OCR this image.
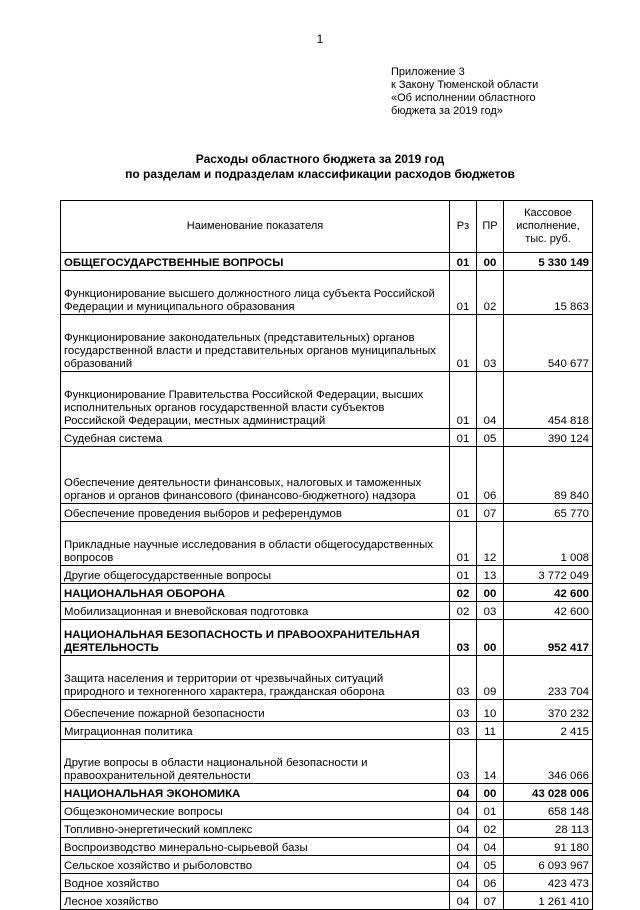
1
Приложение 3
к Закону Тюменской области
«Об исполнении областного
бюджета за 2019 год»
Расходы областного бюджета за 2019 год
по разделам и подразделам классификации расходов бюджетов
Наименование показателя	Рз	ПР	Кассовое исполнение, тыс. руб.
ОБЩЕГОСУДАРСТВЕННЫЕ ВОПРОСЫ	01	00	5 330 149
Функционирование высшего должностного лица субъекта Российской Федерации и муниципального образования	01	02	15 863
Функционирование законодательных (представительных) органов государственной власти и представительных органов муниципальных образований	01	03	540 677
Функционирование Правительства Российской Федерации, высших исполнительных органов государственной власти субъектов Российской Федерации, местных администраций	01	04	454 818
Судебная система	01	05	390 124
Обеспечение деятельности финансовых, налоговых и таможенных органов и органов финансового (финансово-бюджетного) надзора	01	06	89 840
Обеспечение проведения выборов и референдумов	01	07	65 770
Прикладные научные исследования в области общегосударственных вопросов	01	12	1 008
Другие общегосударственные вопросы	01	13	3 772 049
НАЦИОНАЛЬНАЯ ОБОРОНА	02	00	42 600
Мобилизационная и вневойсковая подготовка	02	03	42 600
НАЦИОНАЛЬНАЯ БЕЗОПАСНОСТЬ И ПРАВООХРАНИТЕЛЬНАЯ ДЕЯТЕЛЬНОСТЬ	03	00	952 417
Защита населения и территории от чрезвычайных ситуаций природного и техногенного характера, гражданская оборона	03	09	233 704
Обеспечение пожарной безопасности	03	10	370 232
Миграционная политика	03	11	2 415
Другие вопросы в области национальной безопасности и правоохранительной деятельности	03	14	346 066
НАЦИОНАЛЬНАЯ ЭКОНОМИКА	04	00	43 028 006
Общеэкономические вопросы	04	01	658 148
Топливно-энергетический комплекс	04	02	28 113
Воспроизводство минерально-сырьевой базы	04	04	91 180
Сельское хозяйство и рыболовство	04	05	6 093 967
Водное хозяйство	04	06	423 473
Лесное хозяйство	04	07	1 261 410
